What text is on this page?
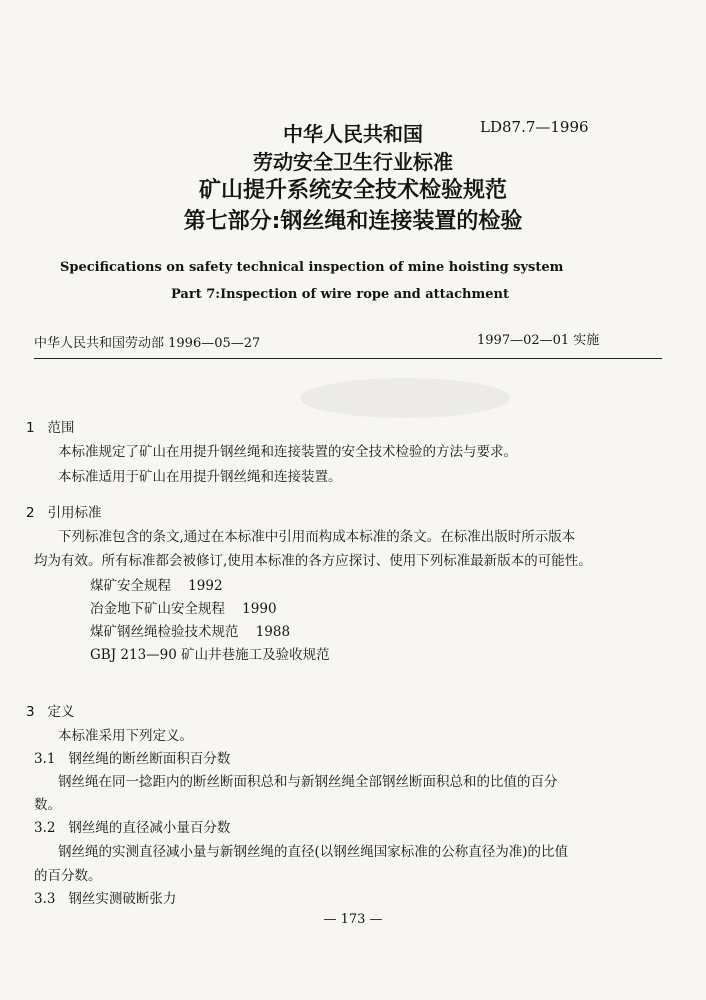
中华人民共和国
劳动安全卫生行业标准
矿山提升系统安全技术检验规范
第七部分:钢丝绳和连接装置的检验
LD87.7—1996
Specifications on safety technical inspection of mine hoisting system
Part 7:Inspection of wire rope and attachment
中华人民共和国劳动部 1996—05—27	1997—02—01 实施
1 范围
本标准规定了矿山在用提升钢丝绳和连接装置的安全技术检验的方法与要求。
本标准适用于矿山在用提升钢丝绳和连接装置。
2 引用标准
下列标准包含的条文,通过在本标准中引用而构成本标准的条文。在标准出版时所示版本
均为有效。所有标准都会被修订,使用本标准的各方应探讨、使用下列标准最新版本的可能性。
煤矿安全规程 1992
冶金地下矿山安全规程 1990
煤矿钢丝绳检验技术规范 1988
GBJ 213—90 矿山井巷施工及验收规范
3 定义
本标准采用下列定义。
3.1 钢丝绳的断丝断面积百分数
钢丝绳在同一捻距内的断丝断面积总和与新钢丝绳全部钢丝断面积总和的比值的百分
数。
3.2 钢丝绳的直径减小量百分数
钢丝绳的实测直径减小量与新钢丝绳的直径(以钢丝绳国家标准的公称直径为准)的比值
的百分数。
3.3 钢丝实测破断张力
— 173 —
